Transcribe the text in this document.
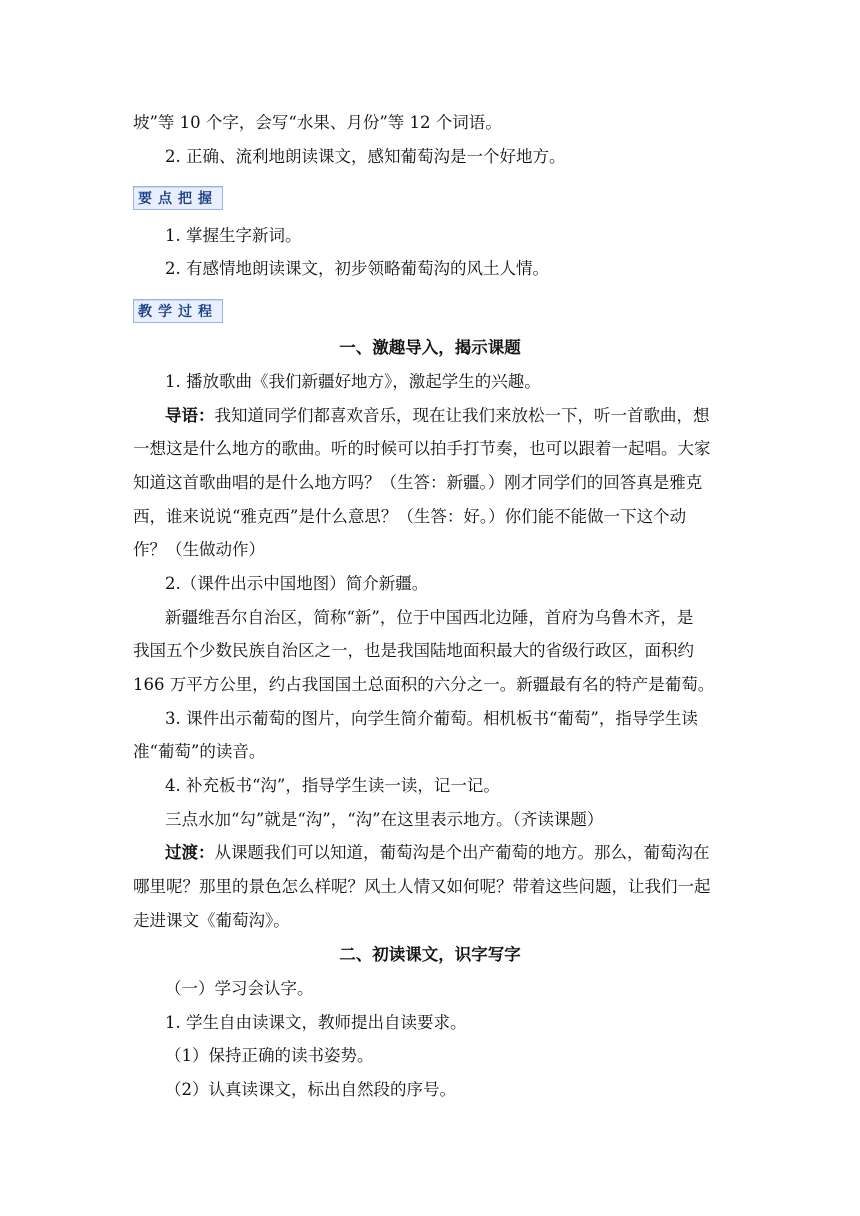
坡”等 10 个字，会写“水果、月份”等 12 个词语。
2. 正确、流利地朗读课文，感知葡萄沟是一个好地方。
要点把握
1. 掌握生字新词。
2. 有感情地朗读课文，初步领略葡萄沟的风土人情。
教学过程
一、激趣导入，揭示课题
1. 播放歌曲《我们新疆好地方》，激起学生的兴趣。
导语：我知道同学们都喜欢音乐，现在让我们来放松一下，听一首歌曲，想
一想这是什么地方的歌曲。听的时候可以拍手打节奏，也可以跟着一起唱。大家
知道这首歌曲唱的是什么地方吗？（生答：新疆。）刚才同学们的回答真是雅克
西，谁来说说“雅克西”是什么意思？（生答：好。）你们能不能做一下这个动
作？（生做动作）
2.（课件出示中国地图）简介新疆。
新疆维吾尔自治区，简称“新”，位于中国西北边陲，首府为乌鲁木齐，是
我国五个少数民族自治区之一，也是我国陆地面积最大的省级行政区，面积约
166 万平方公里，约占我国国土总面积的六分之一。新疆最有名的特产是葡萄。
3. 课件出示葡萄的图片，向学生简介葡萄。相机板书“葡萄”，指导学生读
准“葡萄”的读音。
4. 补充板书“沟”，指导学生读一读，记一记。
三点水加“勾”就是“沟”，“沟”在这里表示地方。（齐读课题）
过渡：从课题我们可以知道，葡萄沟是个出产葡萄的地方。那么，葡萄沟在
哪里呢？那里的景色怎么样呢？风土人情又如何呢？带着这些问题，让我们一起
走进课文《葡萄沟》。
二、初读课文，识字写字
（一）学习会认字。
1. 学生自由读课文，教师提出自读要求。
（1）保持正确的读书姿势。
（2）认真读课文，标出自然段的序号。
